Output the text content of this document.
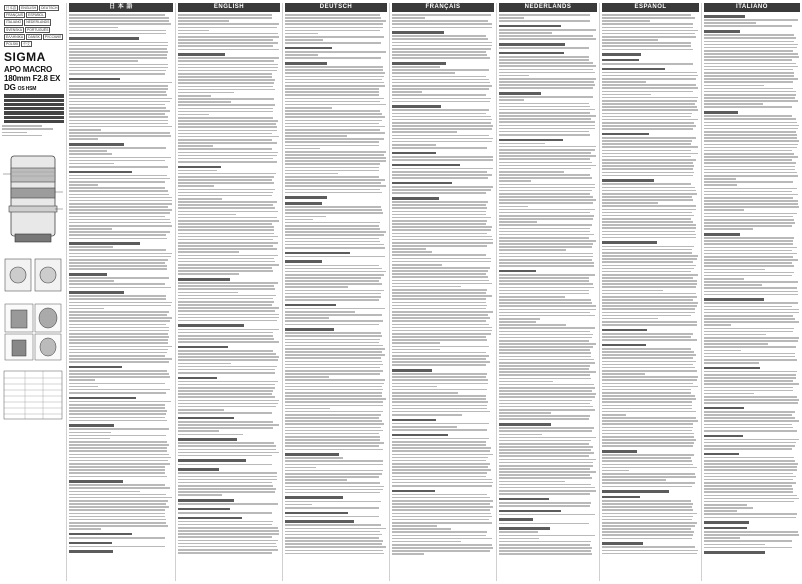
日本語	ENGLISH	DEUTSCH
FRANÇAIS	ESPAÑOL
ITALIANO	NEDERLANDS
SVENSKA	PORTUGUÊS
ΕΛΛΗΝΙΚΑ	DANSK	РУССКИЙ
POLSKI	中文
SIGMA
APO MACRO 180mm F2.8 EX DG OS HSM

日 本 語	ENGLISH	DEUTSCH	FRANÇAIS	NEDERLANDS	ESPAÑOL	ITALIANO
